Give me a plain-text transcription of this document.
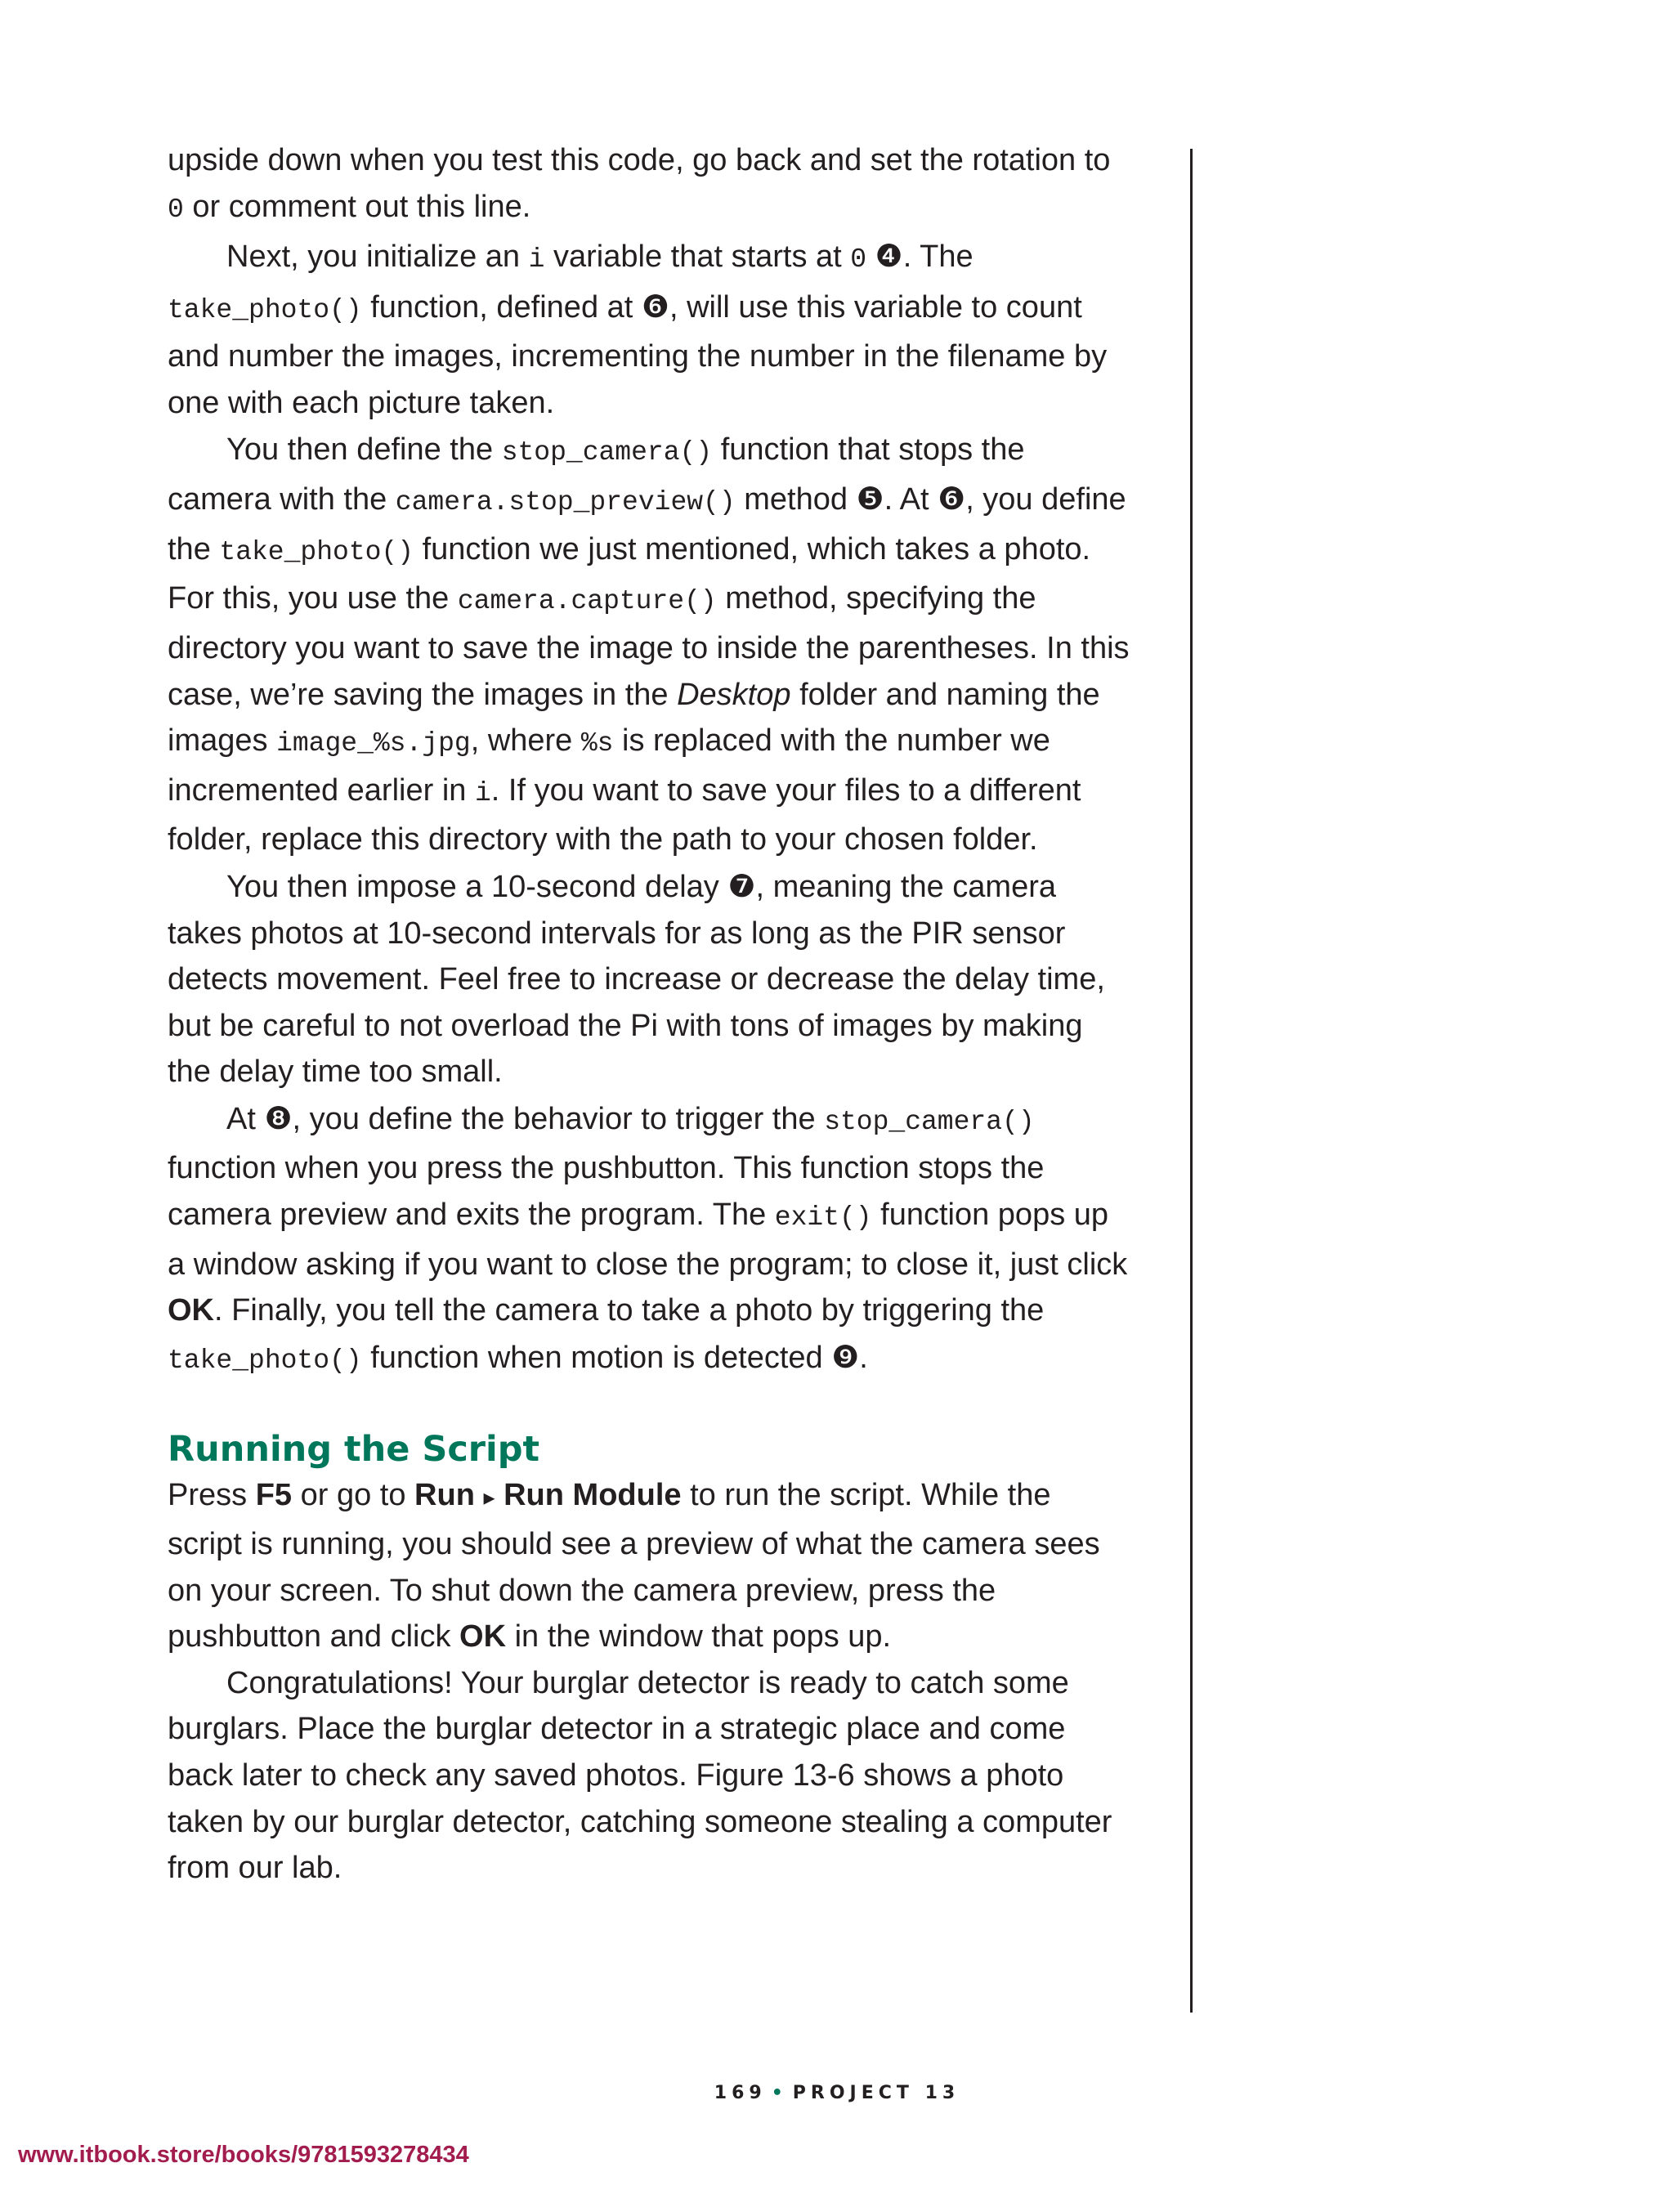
upside down when you test this code, go back and set the rotation to 0 or comment out this line.

Next, you initialize an i variable that starts at 0 ❹. The take_photo() function, defined at ❻, will use this variable to count and number the images, incrementing the number in the filename by one with each picture taken.

You then define the stop_camera() function that stops the camera with the camera.stop_preview() method ❺. At ❻, you define the take_photo() function we just mentioned, which takes a photo. For this, you use the camera.capture() method, specifying the directory you want to save the image to inside the parentheses. In this case, we’re saving the images in the Desktop folder and naming the images image_%s.jpg, where %s is replaced with the number we incremented earlier in i. If you want to save your files to a different folder, replace this directory with the path to your chosen folder.

You then impose a 10-second delay ❼, meaning the camera takes photos at 10-second intervals for as long as the PIR sensor detects movement. Feel free to increase or decrease the delay time, but be careful to not overload the Pi with tons of images by making the delay time too small.

At ❽, you define the behavior to trigger the stop_camera() function when you press the pushbutton. This function stops the camera preview and exits the program. The exit() function pops up a window asking if you want to close the program; to close it, just click OK. Finally, you tell the camera to take a photo by triggering the take_photo() function when motion is detected ❾.

Running the Script

Press F5 or go to Run ▸ Run Module to run the script. While the script is running, you should see a preview of what the camera sees on your screen. To shut down the camera preview, press the pushbutton and click OK in the window that pops up.

Congratulations! Your burglar detector is ready to catch some burglars. Place the burglar detector in a strategic place and come back later to check any saved photos. Figure 13-6 shows a photo taken by our burglar detector, catching someone stealing a computer from our lab.

169 • PROJECT 13
www.itbook.store/books/9781593278434
